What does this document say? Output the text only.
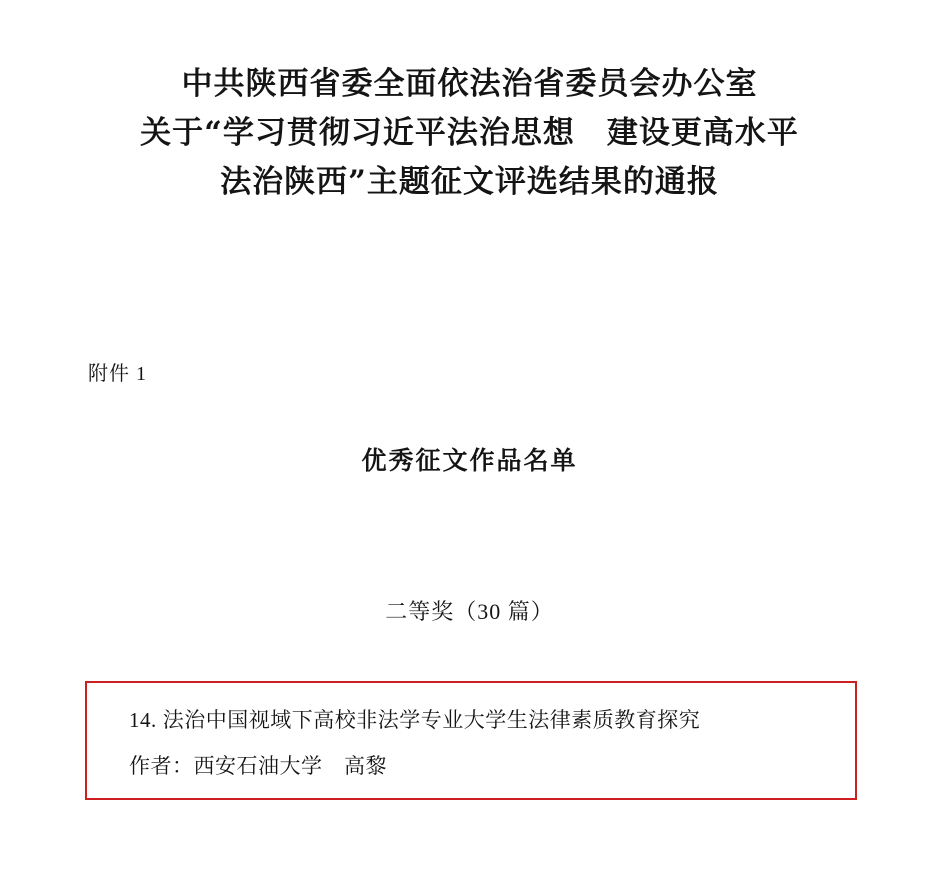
中共陕西省委全面依法治省委员会办公室
关于“学习贯彻习近平法治思想　建设更高水平
法治陕西”主题征文评选结果的通报
附件 1
优秀征文作品名单
二等奖（30 篇）
14. 法治中国视域下高校非法学专业大学生法律素质教育探究
作者：西安石油大学　高黎
